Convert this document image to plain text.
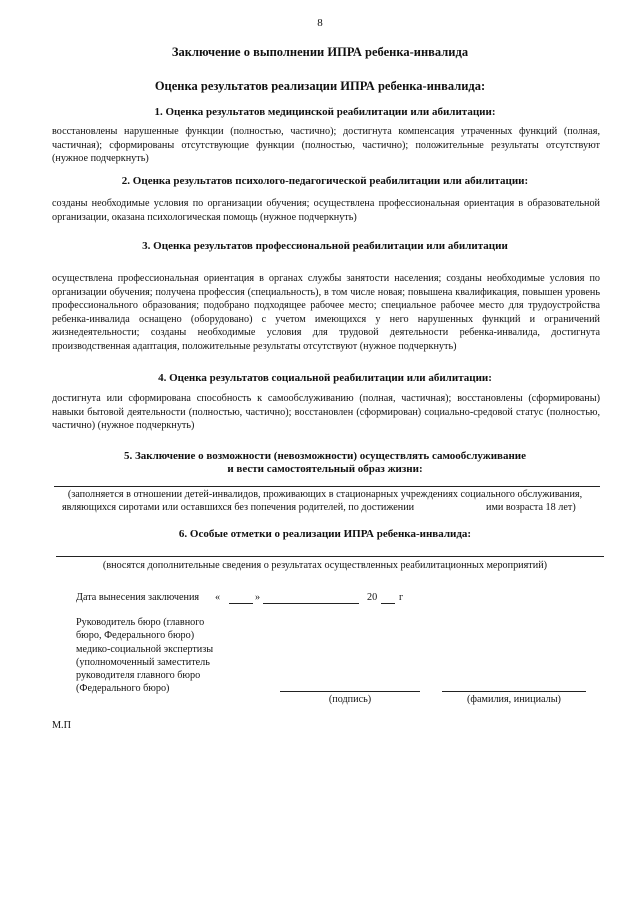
8
Заключение о выполнении ИПРА ребенка-инвалида
Оценка результатов реализации ИПРА ребенка-инвалида:
1. Оценка результатов медицинской реабилитации или абилитации:

восстановлены нарушенные функции (полностью, частично); достигнута компенсация утраченных функций (полная, частичная); сформированы отсутствующие функции (полностью, частично); положительные результаты отсутствуют (нужное подчеркнуть)

2. Оценка результатов психолого-педагогической реабилитации или абилитации:

созданы необходимые условия по организации обучения; осуществлена профессиональная ориентация в образовательной организации, оказана психологическая помощь (нужное подчеркнуть)

3. Оценка результатов профессиональной реабилитации или абилитации

осуществлена профессиональная ориентация в органах службы занятости населения; созданы необходимые условия по организации обучения; получена профессия (специальность), в том числе новая; повышена квалификация, повышен уровень профессионального образования; подобрано подходящее рабочее место; специальное рабочее место для трудоустройства ребенка-инвалида оснащено (оборудовано) с учетом имеющихся у него нарушенных функций и ограничений жизнедеятельности; созданы необходимые условия для трудовой деятельности ребенка-инвалида, достигнута производственная адаптация, положительные результаты отсутствуют (нужное подчеркнуть)

4. Оценка результатов социальной реабилитации или абилитации:

достигнута или сформирована способность к самообслуживанию (полная, частичная); восстановлены (сформированы) навыки бытовой деятельности (полностью, частично); восстановлен (сформирован) социально-средовой статус (полностью, частично) (нужное подчеркнуть)

5. Заключение о возможности (невозможности) осуществлять самообслуживание
и вести самостоятельный образ жизни:
(заполняется в отношении детей-инвалидов, проживающих в стационарных учреждениях социального обслуживания,
являющихся сиротами или оставшихся без попечения родителей, по достижении	ими возраста 18 лет)
6. Особые отметки о реализации ИПРА ребенка-инвалида:
(вносятся дополнительные сведения о результатах осуществленных реабилитационных мероприятий)
Дата вынесения заключения «	»	20 г
Руководитель бюро (главного
бюро, Федерального бюро)
медико-социальной экспертизы
(уполномоченный заместитель
руководителя главного бюро
(Федерального бюро)
(подпись)	(фамилия, инициалы)
М.П
